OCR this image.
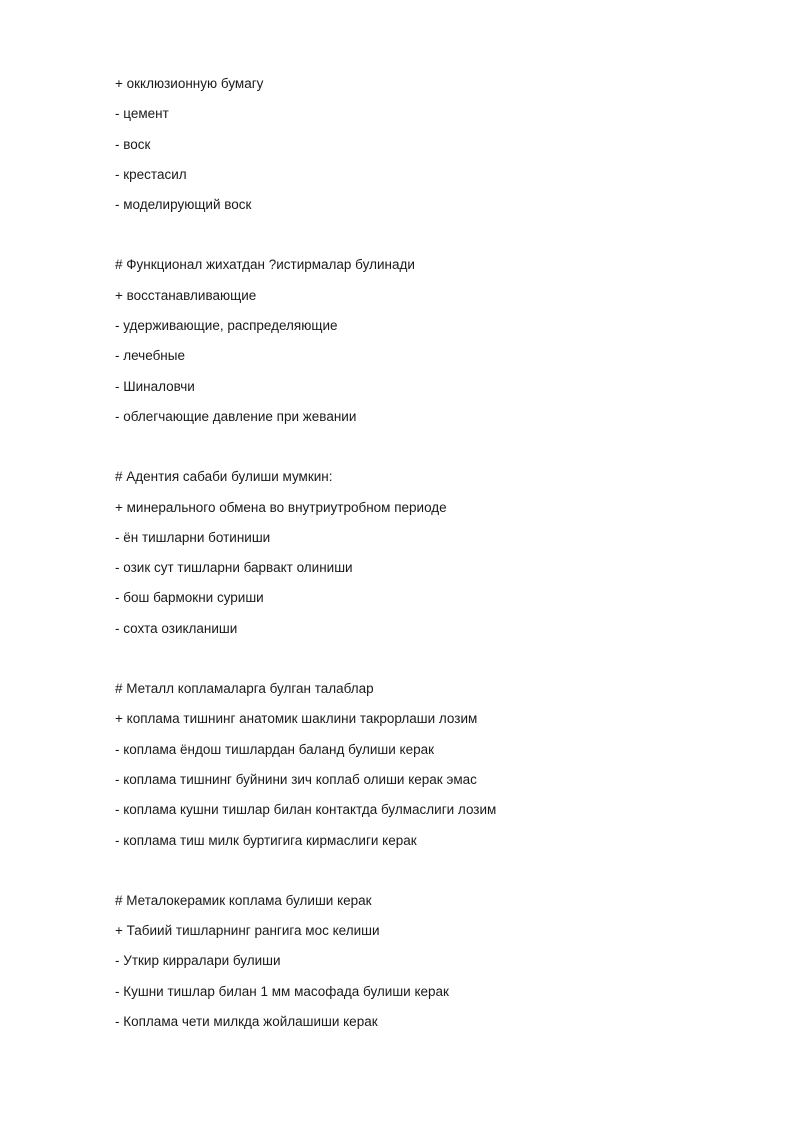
+ окклюзионную бумагу
- цемент
- воск
- крестасил
- моделирующий воск
# Функционал жихатдан ?истирмалар булинади
+ восстанавливающие
- удерживающие, распределяющие
- лечебные
- Шиналовчи
- облегчающие давление при жевании
# Адентия сабаби булиши мумкин:
+ минерального обмена во внутриутробном периоде
- ён тишларни ботиниши
- озик сут тишларни барвакт олиниши
- бош бармокни суриши
- сохта озикланиши
# Металл копламаларга булган талаблар
+ коплама тишнинг анатомик шаклини такрорлаши лозим
- коплама ёндош тишлардан баланд булиши керак
- коплама тишнинг буйнини зич коплаб олиши керак эмас
- коплама кушни тишлар билан контактда булмаслиги лозим
- коплама тиш милк буртигига кирмаслиги керак
# Металокерамик коплама булиши керак
+ Табиий тишларнинг рангига мос келиши
- Уткир кирралари булиши
- Кушни тишлар билан 1 мм масофада булиши керак
- Коплама чети милкда жойлашиши керак
